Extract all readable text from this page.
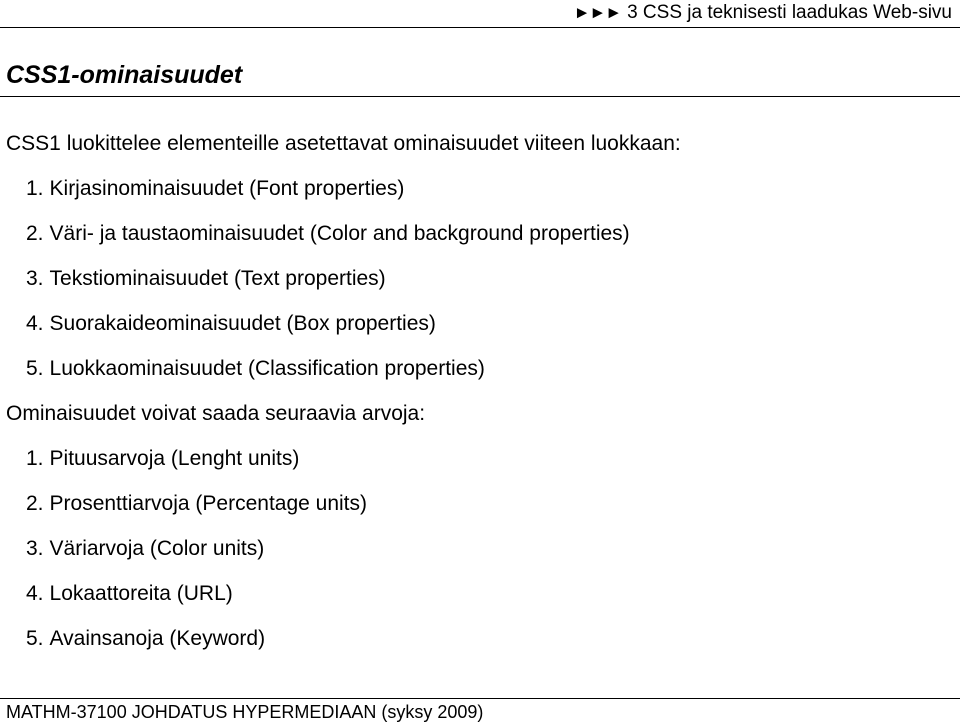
►►► 3 CSS ja teknisesti laadukas Web-sivu
CSS1-ominaisuudet
CSS1 luokittelee elementeille asetettavat ominaisuudet viiteen luokkaan:
1. Kirjasinominaisuudet (Font properties)
2. Väri- ja taustaominaisuudet (Color and background properties)
3. Tekstiominaisuudet (Text properties)
4. Suorakaideominaisuudet (Box properties)
5. Luokkaominaisuudet (Classification properties)
Ominaisuudet voivat saada seuraavia arvoja:
1. Pituusarvoja (Lenght units)
2. Prosenttiarvoja (Percentage units)
3. Väriarvoja (Color units)
4. Lokaattoreita (URL)
5. Avainsanoja (Keyword)
MATHM-37100 JOHDATUS HYPERMEDIAAN (syksy 2009)
